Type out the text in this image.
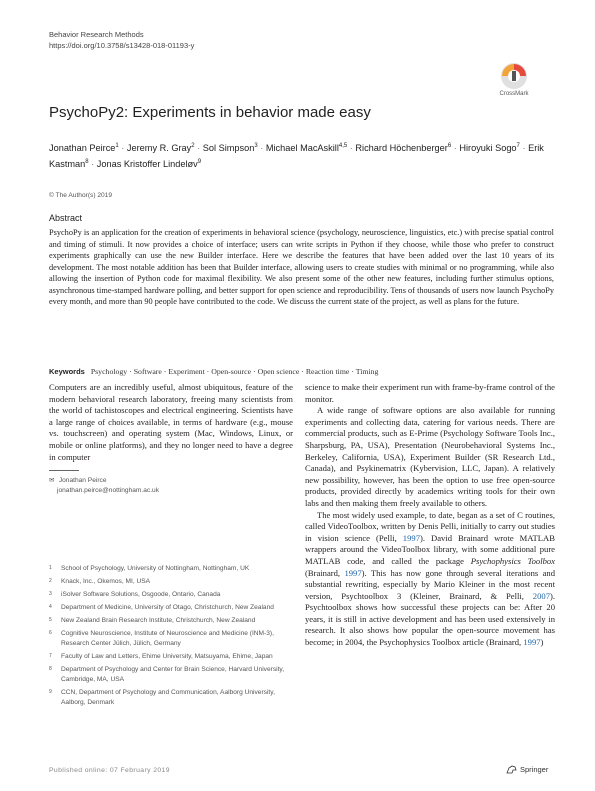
Behavior Research Methods
https://doi.org/10.3758/s13428-018-01193-y
CrossMark
PsychoPy2: Experiments in behavior made easy
Jonathan Peirce$^1$ · Jeremy R. Gray$^2$ · Sol Simpson$^3$ · Michael MacAskill$^{4,5}$ · Richard Höchenberger$^6$ · Hiroyuki Sogo$^7$ · Erik Kastman$^8$ · Jonas Kristoffer Lindeløv$^9$
© The Author(s) 2019
Abstract
PsychoPy is an application for the creation of experiments in behavioral science (psychology, neuroscience, linguistics, etc.) with precise spatial control and timing of stimuli. It now provides a choice of interface; users can write scripts in Python if they choose, while those who prefer to construct experiments graphically can use the new Builder interface. Here we describe the features that have been added over the last 10 years of its development. The most notable addition has been that Builder interface, allowing users to create studies with minimal or no programming, while also allowing the insertion of Python code for maximal flexibility. We also present some of the other new features, including further stimulus options, asynchronous time-stamped hardware polling, and better support for open science and reproducibility. Tens of thousands of users now launch PsychoPy every month, and more than 90 people have contributed to the code. We discuss the current state of the project, as well as plans for the future.
Keywords Psychology · Software · Experiment · Open-source · Open science · Reaction time · Timing

Computers are an incredibly useful, almost ubiquitous, feature of the modern behavioral research laboratory, freeing many scientists from the world of tachistoscopes and electrical engineering. Scientists have a large range of choices available, in terms of hardware (e.g., mouse vs. touchscreen) and operating system (Mac, Windows, Linux, or mobile or online platforms), and they no longer need to have a degree in computer

✉ Jonathan Peirce
jonathan.peirce@nottingham.ac.uk
1	School of Psychology, University of Nottingham, Nottingham, UK
2	Knack, Inc., Okemos, MI, USA
3	iSolver Software Solutions, Osgoode, Ontario, Canada
4	Department of Medicine, University of Otago, Christchurch, New Zealand
5	New Zealand Brain Research Institute, Christchurch, New Zealand
6	Cognitive Neuroscience, Institute of Neuroscience and Medicine (INM-3), Research Center Jülich, Jülich, Germany
7	Faculty of Law and Letters, Ehime University, Matsuyama, Ehime, Japan
8	Department of Psychology and Center for Brain Science, Harvard University, Cambridge, MA, USA
9	CCN, Department of Psychology and Communication, Aalborg University, Aalborg, Denmark

science to make their experiment run with frame-by-frame control of the monitor.

A wide range of software options are also available for running experiments and collecting data, catering for various needs. There are commercial products, such as E-Prime (Psychology Software Tools Inc., Sharpsburg, PA, USA), Presentation (Neurobehavioral Systems Inc., Berkeley, California, USA), Experiment Builder (SR Research Ltd., Canada), and Psykinematrix (Kybervision, LLC, Japan). A relatively new possibility, however, has been the option to use free open-source products, provided directly by academics writing tools for their own labs and then making them freely available to others.

The most widely used example, to date, began as a set of C routines, called VideoToolbox, written by Denis Pelli, initially to carry out studies in vision science (Pelli, 1997). David Brainard wrote MATLAB wrappers around the VideoToolbox library, with some additional pure MATLAB code, and called the package Psychophysics Toolbox (Brainard, 1997). This has now gone through several iterations and substantial rewriting, especially by Mario Kleiner in the most recent version, Psychtoolbox 3 (Kleiner, Brainard, & Pelli, 2007). Psychtoolbox shows how successful these projects can be: After 20 years, it is still in active development and has been used extensively in research. It also shows how popular the open-source movement has become; in 2004, the Psychophysics Toolbox article (Brainard, 1997)

Published online: 07 February 2019	Springer
